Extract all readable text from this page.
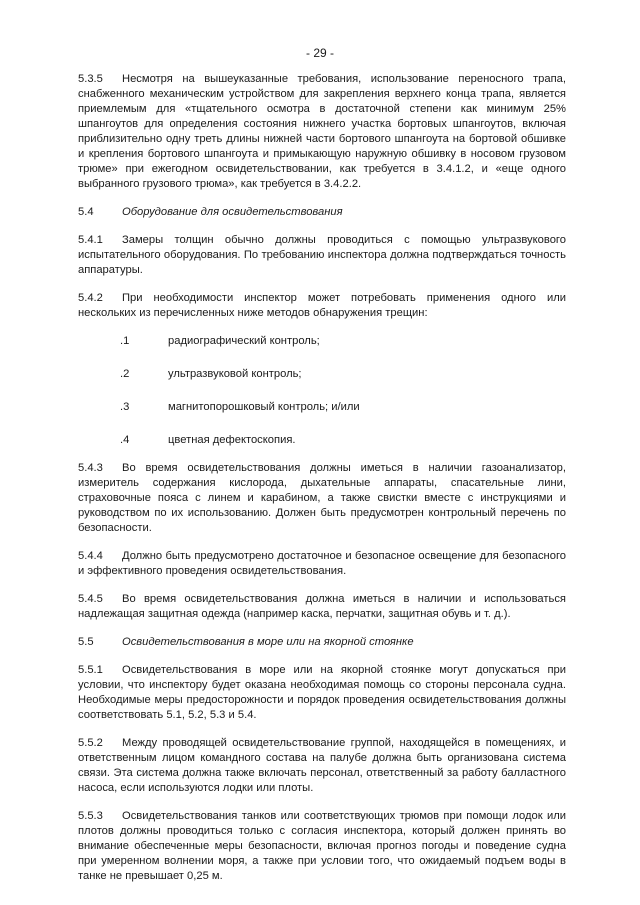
- 29 -

5.3.5 Несмотря на вышеуказанные требования, использование переносного трапа, снабженного механическим устройством для закрепления верхнего конца трапа, является приемлемым для «тщательного осмотра в достаточной степени как минимум 25% шпангоутов для определения состояния нижнего участка бортовых шпангоутов, включая приблизительно одну треть длины нижней части бортового шпангоута на бортовой обшивке и крепления бортового шпангоута и примыкающую наружную обшивку в носовом грузовом трюме» при ежегодном освидетельствовании, как требуется в 3.4.1.2, и «еще одного выбранного грузового трюма», как требуется в 3.4.2.2.

5.4	Оборудование для освидетельствования

5.4.1 Замеры толщин обычно должны проводиться с помощью ультразвукового испытательного оборудования. По требованию инспектора должна подтверждаться точность аппаратуры.

5.4.2 При необходимости инспектор может потребовать применения одного или нескольких из перечисленных ниже методов обнаружения трещин:

.1	радиографический контроль;
.2	ультразвуковой контроль;
.3	магнитопорошковый контроль; и/или
.4	цветная дефектоскопия.

5.4.3 Во время освидетельствования должны иметься в наличии газоанализатор, измеритель содержания кислорода, дыхательные аппараты, спасательные лини, страховочные пояса с линем и карабином, а также свистки вместе с инструкциями и руководством по их использованию. Должен быть предусмотрен контрольный перечень по безопасности.

5.4.4 Должно быть предусмотрено достаточное и безопасное освещение для безопасного и эффективного проведения освидетельствования.

5.4.5 Во время освидетельствования должна иметься в наличии и использоваться надлежащая защитная одежда (например каска, перчатки, защитная обувь и т. д.).

5.5	Освидетельствования в море или на якорной стоянке

5.5.1 Освидетельствования в море или на якорной стоянке могут допускаться при условии, что инспектору будет оказана необходимая помощь со стороны персонала судна. Необходимые меры предосторожности и порядок проведения освидетельствования должны соответствовать 5.1, 5.2, 5.3 и 5.4.

5.5.2 Между проводящей освидетельствование группой, находящейся в помещениях, и ответственным лицом командного состава на палубе должна быть организована система связи. Эта система должна также включать персонал, ответственный за работу балластного насоса, если используются лодки или плоты.

5.5.3 Освидетельствования танков или соответствующих трюмов при помощи лодок или плотов должны проводиться только с согласия инспектора, который должен принять во внимание обеспеченные меры безопасности, включая прогноз погоды и поведение судна при умеренном волнении моря, а также при условии того, что ожидаемый подъем воды в танке не превышает 0,25 м.
